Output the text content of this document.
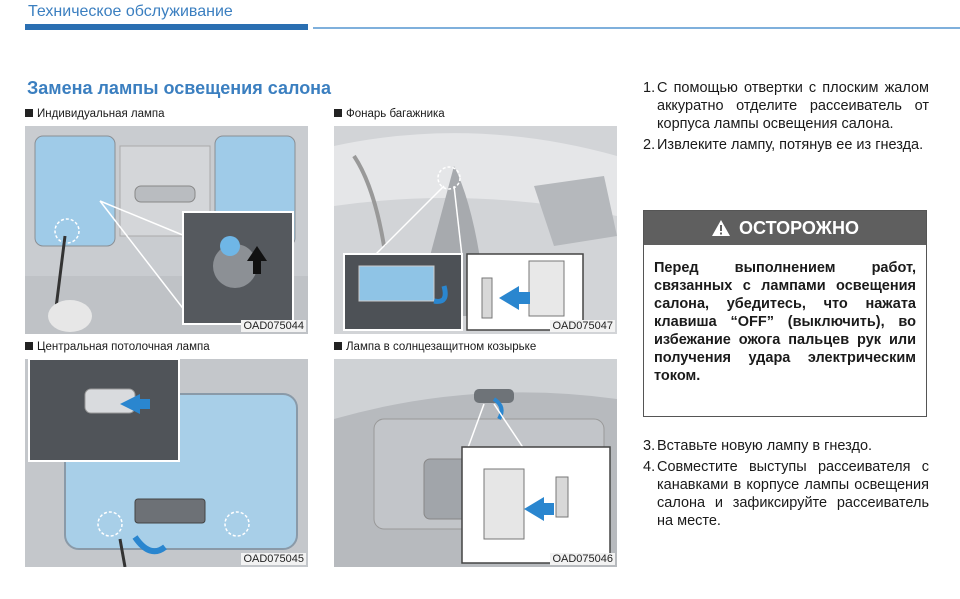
Техническое обслуживание
Замена лампы освещения салона
Индивидуальная лампа
OAD075044
Фонарь багажника
OAD075047
Центральная потолочная лампа
OAD075045
Лампа в солнцезащитном козырьке
OAD075046
1. С помощью отвертки с плоским жалом аккуратно отделите рассеиватель от корпуса лампы освещения салона.
2. Извлеките лампу, потянув ее из гнезда.
ОСТОРОЖНО
Перед выполнением работ, связанных с лампами освещения салона, убедитесь, что нажата клавиша “OFF” (выключить), во избежание ожога пальцев рук или получения удара электрическим током.
3. Вставьте новую лампу в гнездо.
4. Совместите выступы рассеивателя с канавками в корпусе лампы освещения салона и зафиксируйте рассеиватель на месте.
